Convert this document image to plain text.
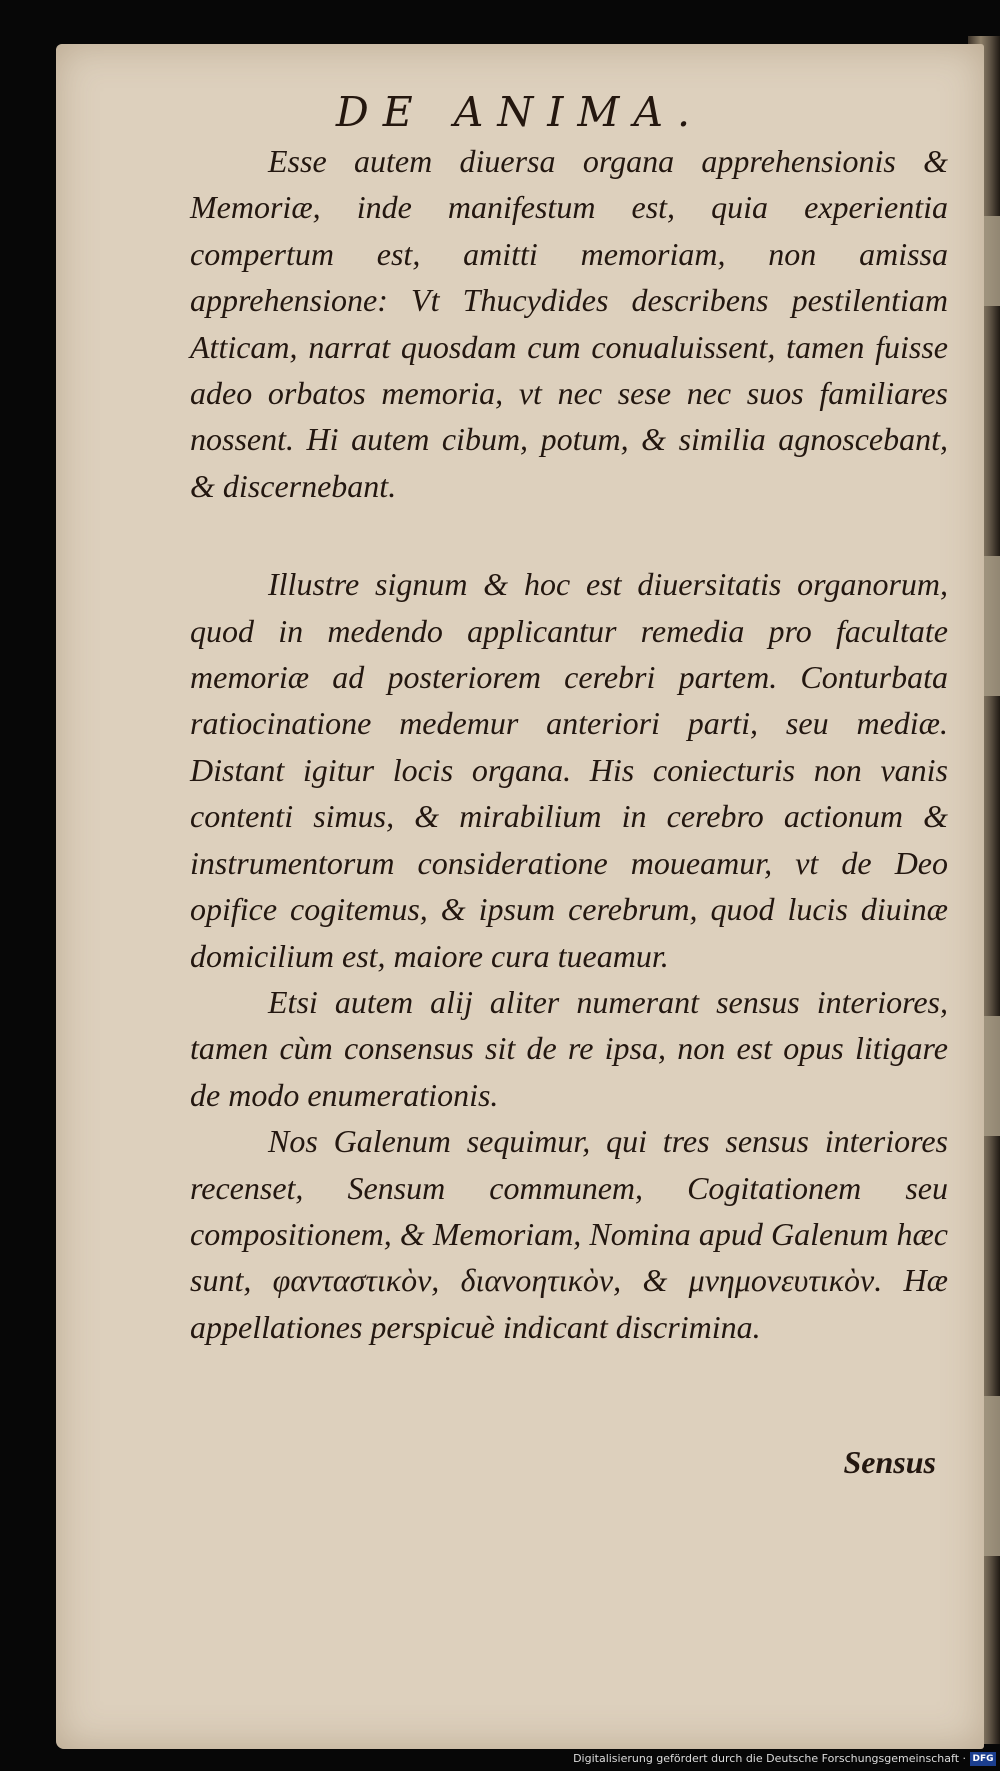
DE ANIMA.

Esse autem diuersa organa apprehensionis & Memoriæ, inde manifestum est, quia experientia compertum est, amitti memoriam, non amissa apprehensione: Vt Thucydides describens pestilentiam Atticam, narrat quosdam cum conualuissent, tamen fuisse adeo orbatos memoria, vt nec sese nec suos familiares nossent. Hi autem cibum, potum, & similia agnoscebant, & discernebant.

Illustre signum & hoc est diuersitatis organorum, quod in medendo applicantur remedia pro facultate memoriæ ad posteriorem cerebri partem. Conturbata ratiocinatione medemur anteriori parti, seu mediæ. Distant igitur locis organa. His coniecturis non vanis contenti simus, & mirabilium in cerebro actionum & instrumentorum consideratione moueamur, vt de Deo opifice cogitemus, & ipsum cerebrum, quod lucis diuinæ domicilium est, maiore cura tueamur.

Etsi autem alij aliter numerant sensus interiores, tamen cùm consensus sit de re ipsa, non est opus litigare de modo enumerationis.

Nos Galenum sequimur, qui tres sensus interiores recenset, Sensum communem, Cogitationem seu compositionem, & Memoriam, Nomina apud Galenum hæc sunt, φανταστικὸν, διανοητικὸν, & μνημονευτικὸν. Hæ appellationes perspicuè indicant discrimina.

Sensus
Digitalisierung gefördert durch die Deutsche Forschungsgemeinschaft · DFG
